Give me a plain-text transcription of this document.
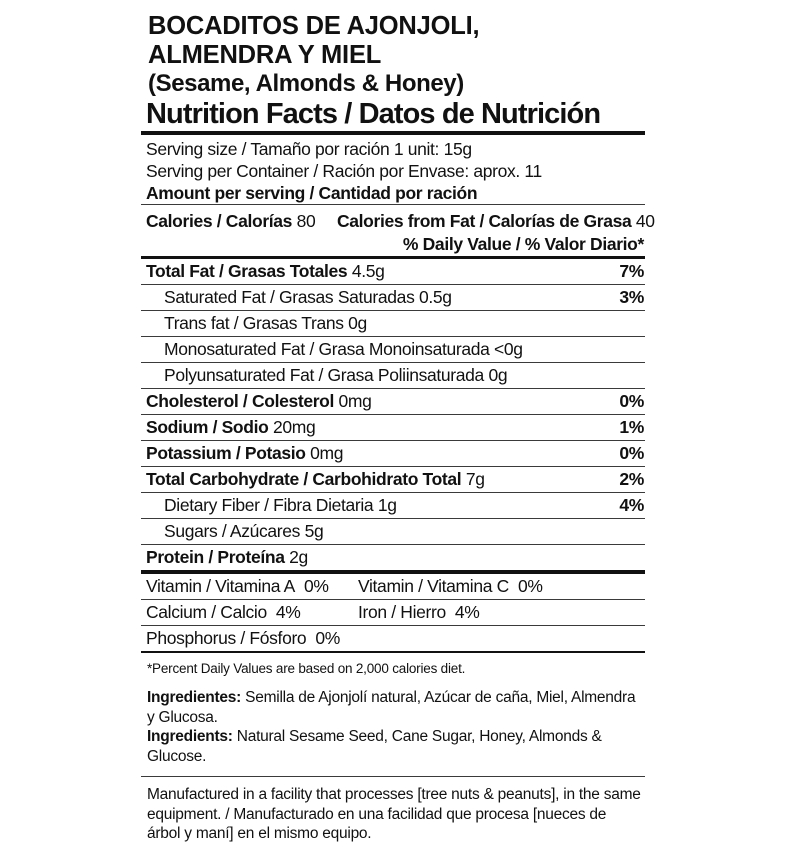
BOCADITOS DE AJONJOLI,
ALMENDRA Y MIEL
(Sesame, Almonds & Honey)
Nutrition Facts / Datos de Nutrición
Serving size / Tamaño por ración 1 unit: 15g
Serving per Container / Ración por Envase: aprox. 11
Amount per serving / Cantidad por ración
Calories / Calorías 80 Calories from Fat / Calorías de Grasa 40
% Daily Value / % Valor Diario*
Total Fat / Grasas Totales 4.5g	7%
Saturated Fat / Grasas Saturadas 0.5g	3%
Trans fat / Grasas Trans 0g
Monosaturated Fat / Grasa Monoinsaturada <0g
Polyunsaturated Fat / Grasa Poliinsaturada 0g
Cholesterol / Colesterol 0mg	0%
Sodium / Sodio 20mg	1%
Potassium / Potasio 0mg	0%
Total Carbohydrate / Carbohidrato Total 7g	2%
Dietary Fiber / Fibra Dietaria 1g	4%
Sugars / Azúcares 5g
Protein / Proteína 2g
Vitamin / Vitamina A 0% Vitamin / Vitamina C 0%
Calcium / Calcio 4%	Iron / Hierro 4%
Phosphorus / Fósforo 0%
*Percent Daily Values are based on 2,000 calories diet.
Ingredientes: Semilla de Ajonjolí natural, Azúcar de caña, Miel, Almendra y Glucosa.
Ingredients: Natural Sesame Seed, Cane Sugar, Honey, Almonds & Glucose.
Manufactured in a facility that processes [tree nuts & peanuts], in the same equipment. / Manufacturado en una facilidad que procesa [nueces de árbol y maní] en el mismo equipo.
